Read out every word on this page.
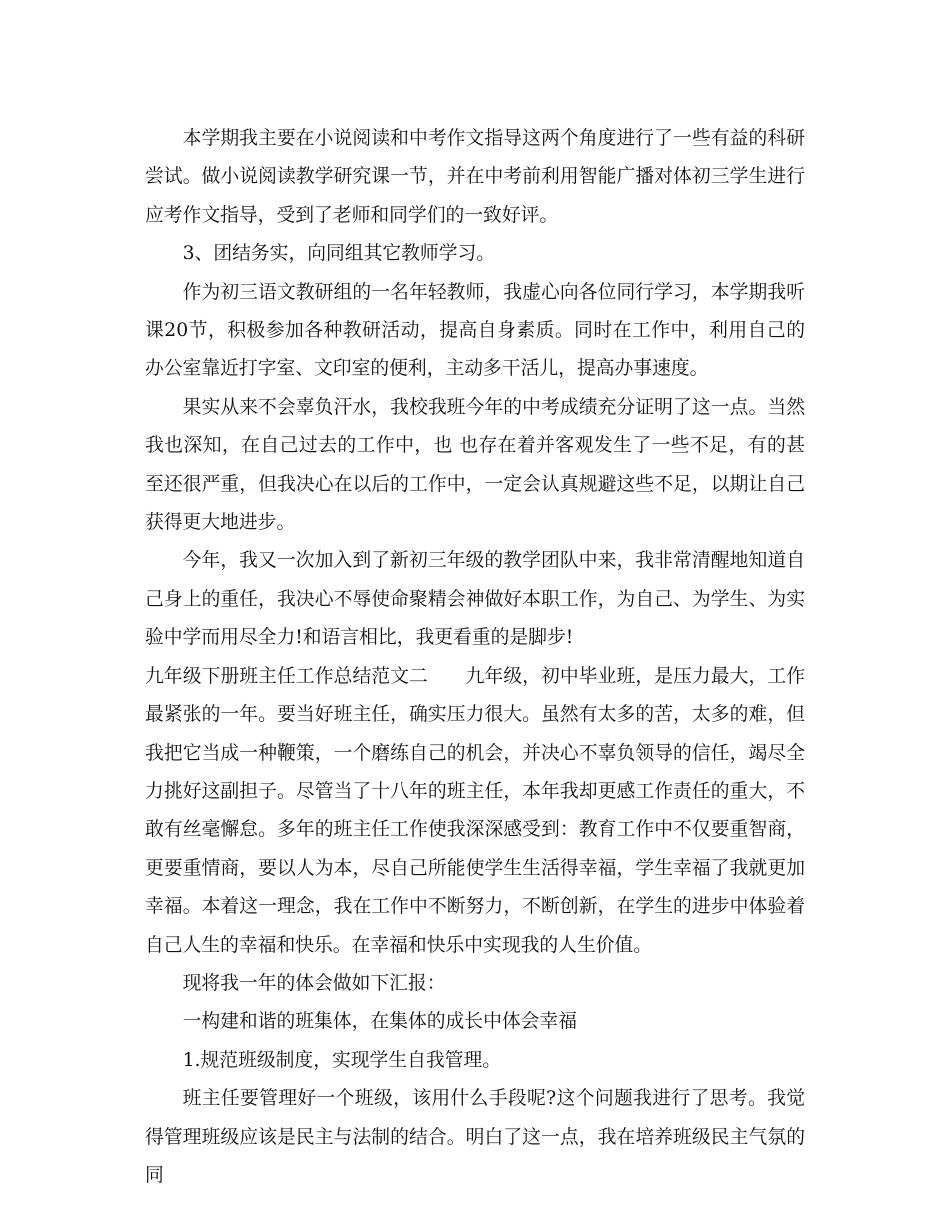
本学期我主要在小说阅读和中考作文指导这两个角度进行了一些有益的科研尝试。做小说阅读教学研究课一节，并在中考前利用智能广播对体初三学生进行应考作文指导，受到了老师和同学们的一致好评。

3、团结务实，向同组其它教师学习。

作为初三语文教研组的一名年轻教师，我虚心向各位同行学习，本学期我听课20节，积极参加各种教研活动，提高自身素质。同时在工作中，利用自己的办公室靠近打字室、文印室的便利，主动多干活儿，提高办事速度。

果实从来不会辜负汗水，我校我班今年的中考成绩充分证明了这一点。当然我也深知，在自己过去的工作中，也 也存在着并客观发生了一些不足，有的甚至还很严重，但我决心在以后的工作中，一定会认真规避这些不足，以期让自己获得更大地进步。

今年，我又一次加入到了新初三年级的教学团队中来，我非常清醒地知道自己身上的重任，我决心不辱使命聚精会神做好本职工作，为自己、为学生、为实验中学而用尽全力!和语言相比，我更看重的是脚步!

九年级下册班主任工作总结范文二 九年级，初中毕业班，是压力最大，工作最紧张的一年。要当好班主任，确实压力很大。虽然有太多的苦，太多的难，但我把它当成一种鞭策，一个磨练自己的机会，并决心不辜负领导的信任，竭尽全力挑好这副担子。尽管当了十八年的班主任，本年我却更感工作责任的重大，不敢有丝毫懈怠。多年的班主任工作使我深深感受到：教育工作中不仅要重智商，更要重情商，要以人为本，尽自己所能使学生生活得幸福，学生幸福了我就更加幸福。本着这一理念，我在工作中不断努力，不断创新，在学生的进步中体验着自己人生的幸福和快乐。在幸福和快乐中实现我的人生价值。

现将我一年的体会做如下汇报：

一构建和谐的班集体，在集体的成长中体会幸福

1.规范班级制度，实现学生自我管理。

班主任要管理好一个班级，该用什么手段呢?这个问题我进行了思考。我觉得管理班级应该是民主与法制的结合。明白了这一点，我在培养班级民主气氛的同
